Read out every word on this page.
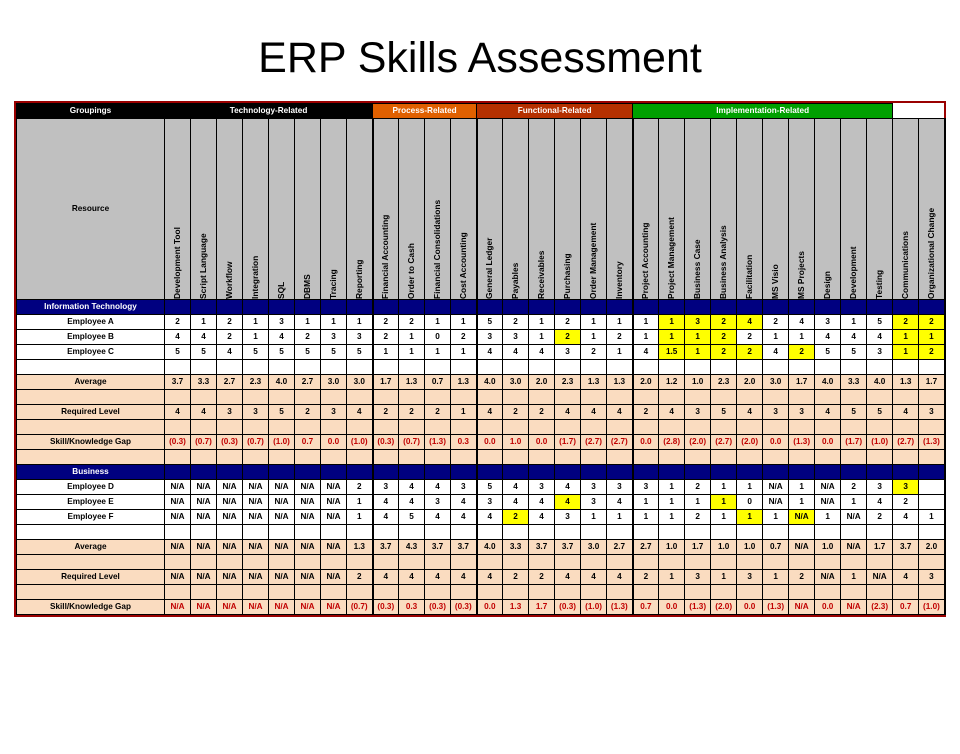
ERP Skills Assessment
Groupings	Technology-Related								Process-Related				Functional-Related						Implementation-Related											
Resource	Development Tool	Script Language	Workflow	Integration	SQL	DBMS	Tracing	Reporting	Financial Accounting	Order to Cash	Financial Consolidations	Cost Accounting	General Ledger	Payables	Receivables	Purchasing	Order Management	Inventory	Project Accounting	Project Management	Business Case	Business Analysis	Facilitation	MS Visio	MS Projects	Design	Development	Testing	Communications	Organizational Change

Information Technology																														
Employee A	2	1	2	1	3	1	1	1	2	2	1	1	5	2	1	2	1	1	1	1	3	2	4	2	4	3	1	5	2	2
Employee B	4	4	2	1	4	2	3	3	2	1	0	2	3	3	1	2	1	2	1	1	1	2	2	1	1	4	4	4	1	1
Employee C	5	5	4	5	5	5	5	5	1	1	1	1	4	4	4	3	2	1	4	1.5	1	2	2	4	2	5	5	3	1	2

Average	3.7	3.3	2.7	2.3	4.0	2.7	3.0	3.0	1.7	1.3	0.7	1.3	4.0	3.0	2.0	2.3	1.3	1.3	2.0	1.2	1.0	2.3	2.0	3.0	1.7	4.0	3.3	4.0	1.3	1.7

Required Level	4	4	3	3	5	2	3	4	2	2	2	1	4	2	2	4	4	4	2	4	3	5	4	3	3	4	5	5	4	3

Skill/Knowledge Gap	(0.3)	(0.7)	(0.3)	(0.7)	(1.0)	0.7	0.0	(1.0)	(0.3)	(0.7)	(1.3)	0.3	0.0	1.0	0.0	(1.7)	(2.7)	(2.7)	0.0	(2.8)	(2.0)	(2.7)	(2.0)	0.0	(1.3)	0.0	(1.7)	(1.0)	(2.7)	(1.3)

Business																														
Employee D	N/A	N/A	N/A	N/A	N/A	N/A	N/A	2	3	4	4	3	5	4	3	4	3	3	3	1	2	1	1	N/A	1	N/A	2	3	3	
Employee E	N/A	N/A	N/A	N/A	N/A	N/A	N/A	1	4	4	3	4	3	4	4	4	3	4	1	1	1	1	0	N/A	1	N/A	1	4	2	
Employee F	N/A	N/A	N/A	N/A	N/A	N/A	N/A	1	4	5	4	4	4	2	4	3	1	1	1	1	2	1	1	1	N/A	1	N/A	2	4	1

Average	N/A	N/A	N/A	N/A	N/A	N/A	N/A	1.3	3.7	4.3	3.7	3.7	4.0	3.3	3.7	3.7	3.0	2.7	2.7	1.0	1.7	1.0	1.0	0.7	N/A	1.0	N/A	1.7	3.7	2.0

Required Level	N/A	N/A	N/A	N/A	N/A	N/A	N/A	2	4	4	4	4	4	2	2	4	4	4	2	1	3	1	3	1	2	N/A	1	N/A	4	3

Skill/Knowledge Gap	N/A	N/A	N/A	N/A	N/A	N/A	N/A	(0.7)	(0.3)	0.3	(0.3)	(0.3)	0.0	1.3	1.7	(0.3)	(1.0)	(1.3)	0.7	0.0	(1.3)	(2.0)	0.0	(1.3)	N/A	0.0	N/A	(2.3)	0.7	(1.0)
